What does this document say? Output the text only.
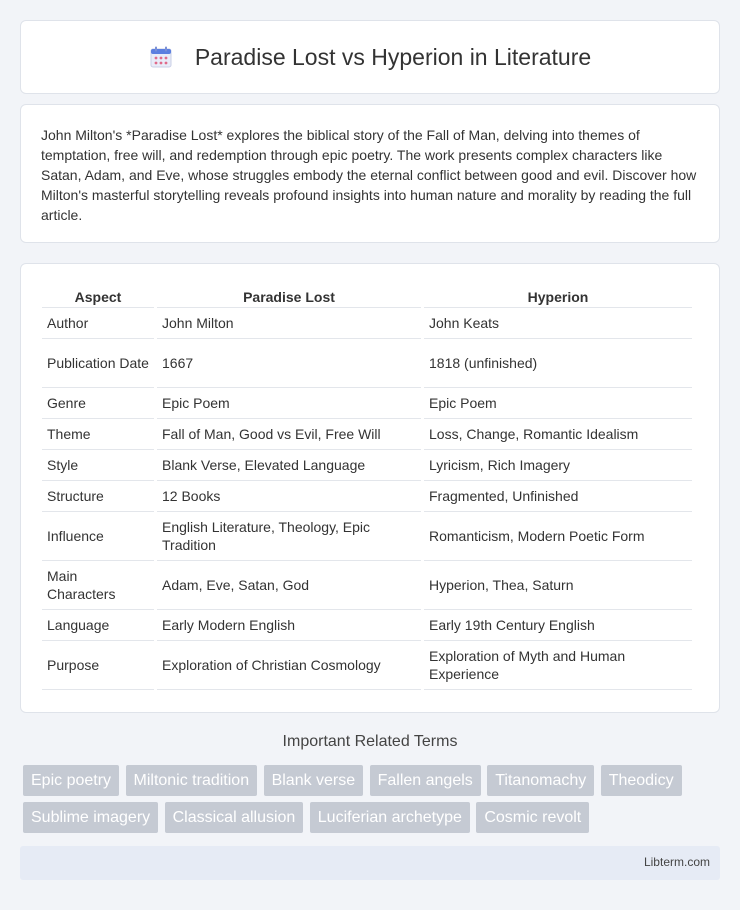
Paradise Lost vs Hyperion in Literature

John Milton's *Paradise Lost* explores the biblical story of the Fall of Man, delving into themes of temptation, free will, and redemption through epic poetry. The work presents complex characters like Satan, Adam, and Eve, whose struggles embody the eternal conflict between good and evil. Discover how Milton's masterful storytelling reveals profound insights into human nature and morality by reading the full article.

Aspect	Paradise Lost	Hyperion
Author	John Milton	John Keats
Publication Date	1667	1818 (unfinished)
Genre	Epic Poem	Epic Poem
Theme	Fall of Man, Good vs Evil, Free Will	Loss, Change, Romantic Idealism
Style	Blank Verse, Elevated Language	Lyricism, Rich Imagery
Structure	12 Books	Fragmented, Unfinished
Influence	English Literature, Theology, Epic Tradition	Romanticism, Modern Poetic Form
Main Characters	Adam, Eve, Satan, God	Hyperion, Thea, Saturn
Language	Early Modern English	Early 19th Century English
Purpose	Exploration of Christian Cosmology	Exploration of Myth and Human Experience
Important Related Terms
Epic poetry Miltonic tradition Blank verse Fallen angels Titanomachy Theodicy Sublime imagery Classical allusion Luciferian archetype Cosmic revolt
Libterm.com
